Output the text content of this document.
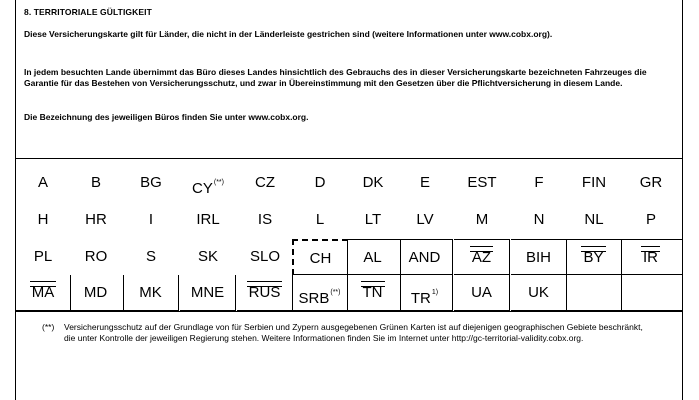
8. TERRITORIALE GÜLTIGKEIT
Diese Versicherungskarte gilt für Länder, die nicht in der Länderleiste gestrichen sind (weitere Informationen unter www.cobx.org).
In jedem besuchten Lande übernimmt das Büro dieses Landes hinsichtlich des Gebrauchs des in dieser Versicherungskarte bezeichneten Fahrzeuges die Garantie für das Bestehen von Versicherungsschutz, und zwar in Übereinstimmung mit den Gesetzen über die Pflichtversicherung in diesem Lande.
Die Bezeichnung des jeweiligen Büros finden Sie unter www.cobx.org.
A	B	BG	CY(**)	CZ	D	DK	E	EST	F	FIN	GR
H	HR	I	IRL	IS	L	LT	LV	M	N	NL	P
PL	RO	S	SK	SLO	CH	AL	AND	AZ	BIH	BY	IR
MA	MD	MK	MNE	RUS	SRB(**)	TN	TR$^{1)}$	UA	UK
(**) Versicherungsschutz auf der Grundlage von für Serbien und Zypern ausgegebenen Grünen Karten ist auf diejenigen geographischen Gebiete beschränkt, die unter Kontrolle der jeweiligen Regierung stehen. Weitere Informationen finden Sie im Internet unter http://gc-territorial-validity.cobx.org.
